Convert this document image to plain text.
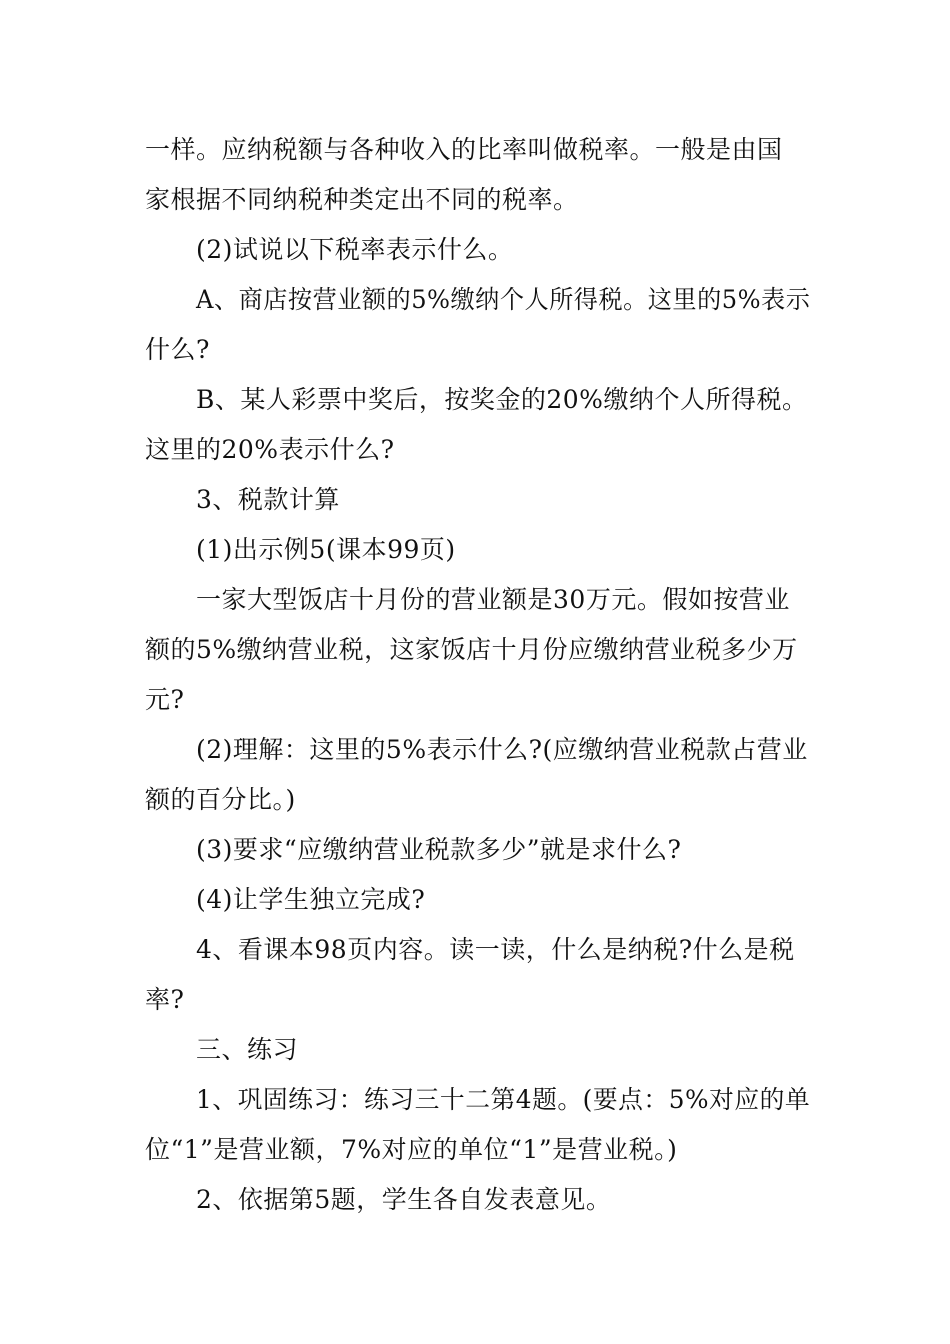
一样。应纳税额与各种收入的比率叫做税率。一般是由国

家根据不同纳税种类定出不同的税率。

(2)试说以下税率表示什么。

A、商店按营业额的5%缴纳个人所得税。这里的5%表示

什么?

B、某人彩票中奖后，按奖金的20%缴纳个人所得税。

这里的20%表示什么?

3、税款计算

(1)出示例5(课本99页)

一家大型饭店十月份的营业额是30万元。假如按营业

额的5%缴纳营业税，这家饭店十月份应缴纳营业税多少万

元?

(2)理解：这里的5%表示什么?(应缴纳营业税款占营业

额的百分比。)

(3)要求“应缴纳营业税款多少”就是求什么?

(4)让学生独立完成?

4、看课本98页内容。读一读，什么是纳税?什么是税

率?

三、练习

1、巩固练习：练习三十二第4题。(要点：5%对应的单

位“1”是营业额，7%对应的单位“1”是营业税。)

2、依据第5题，学生各自发表意见。
